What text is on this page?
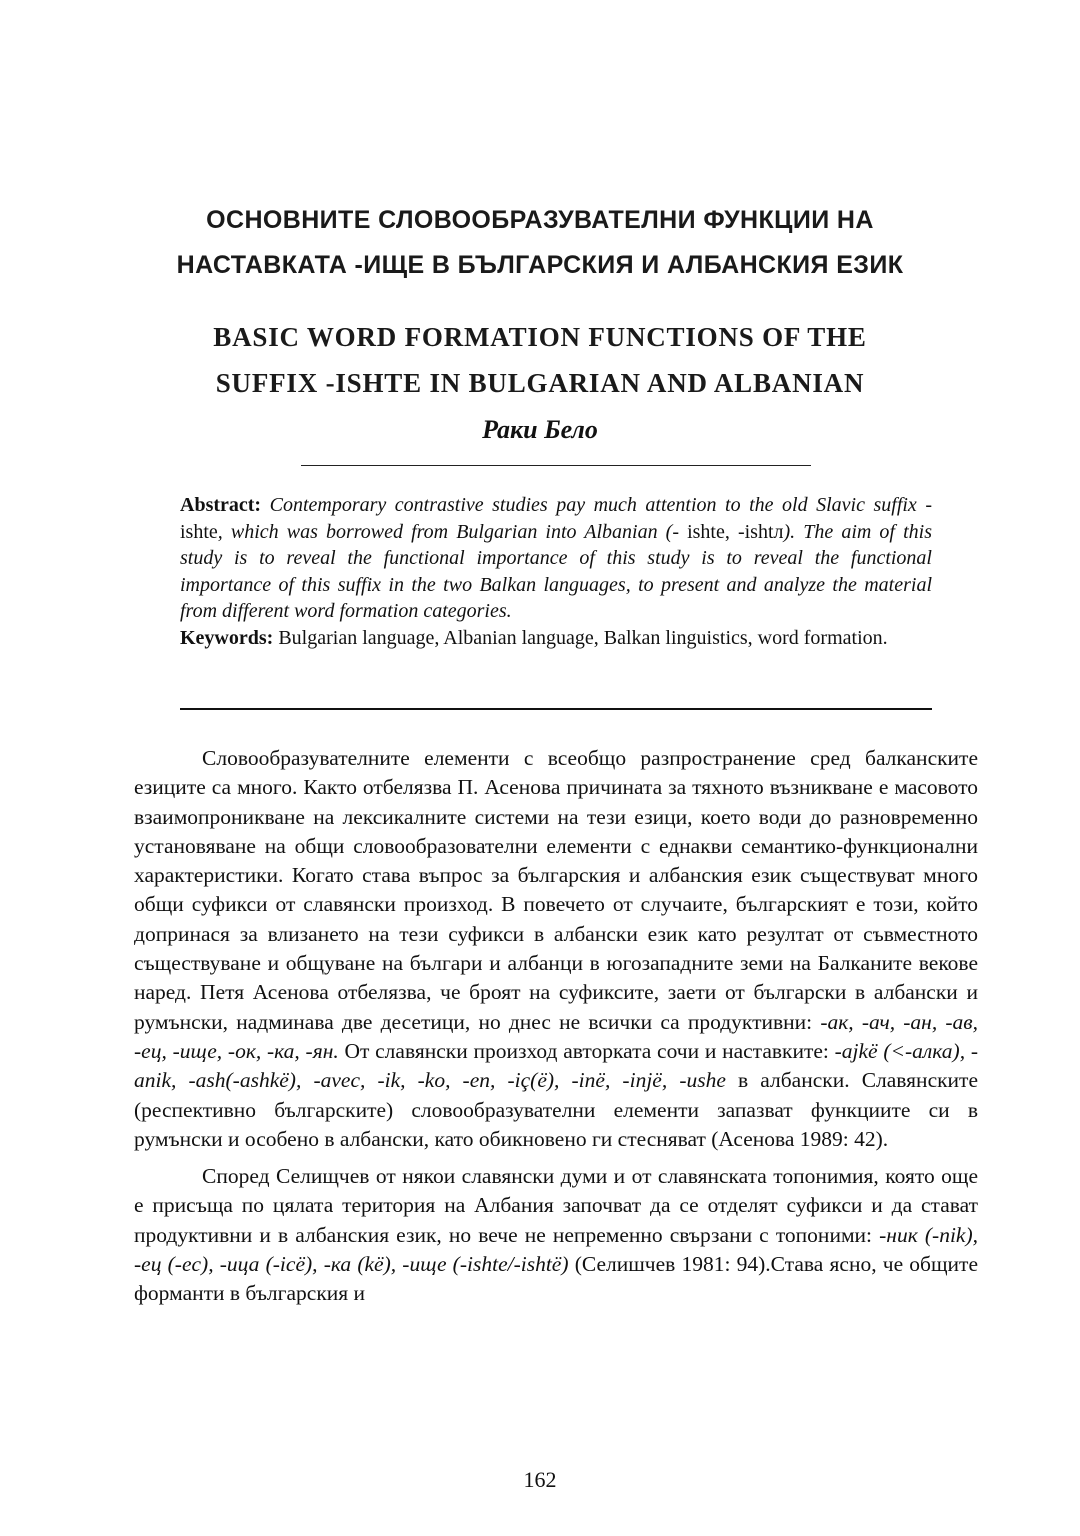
ОСНОВНИТЕ СЛОВООБРАЗУВАТЕЛНИ ФУНКЦИИ НА
НАСТАВКАТА -ИЩЕ В БЪЛГАРСКИЯ И АЛБАНСКИЯ ЕЗИК
BASIC WORD FORMATION FUNCTIONS OF THE
SUFFIX -ISHTE IN BULGARIAN AND ALBANIAN
Раки Бело

Abstract: Contemporary contrastive studies pay much attention to the old Slavic suffix -ishte, which was borrowed from Bulgarian into Albanian (- ishte, -ishtл). The aim of this study is to reveal the functional importance of this study is to reveal the functional importance of this suffix in the two Balkan languages, to present and analyze the material from different word formation categories.

Keywords: Bulgarian language, Albanian language, Balkan linguistics, word formation.

Словообразувателните елементи с всеобщо разпространение сред балканските езиците са много. Както отбелязва П. Асенова причината за тяхното възникване е масовото взаимопроникване на лексикалните системи на тези езици, което води до разновременно установяване на общи словообразователни елементи с еднакви семантико-функционални характеристики. Когато става въпрос за българския и албанския език съществуват много общи суфикси от славянски произход. В повечето от случаите, българският е този, който допринася за влизането на тези суфикси в албански език като резултат от съвместното съществуване и общуване на българи и албанци в югозападните земи на Балканите векове наред. Петя Асенова отбелязва, че броят на суфиксите, заети от български в албански и румънски, надминава две десетици, но днес не всички са продуктивни: -ак, -ач, -ан, -ав, -ец, -ище, -ок, -ка, -ян. От славянски произход авторката сочи и наставките: -ajkë (<-алка), -anik, -ash(-ashkë), -avec, -ik, -ko, -en, -iç(ë), -inë, -injë, -ushe в албански. Славянските (респективно българските) словообразувателни елементи запазват функциите си в румънски и особено в албански, като обикновено ги стесняват (Асенова 1989: 42).

Според Селищчев от някои славянски думи и от славянската топонимия, която още е присъща по цялата територия на Албания започват да се отделят суфикси и да стават продуктивни и в албанския език, но вече не непременно свързани с топоними: -ник (-nik), -ец (-ec), -ица (-icë), -ка (kë), -ище (-ishte/-ishtë) (Селишчев 1981: 94).Става ясно, че общите форманти в българския и

162
